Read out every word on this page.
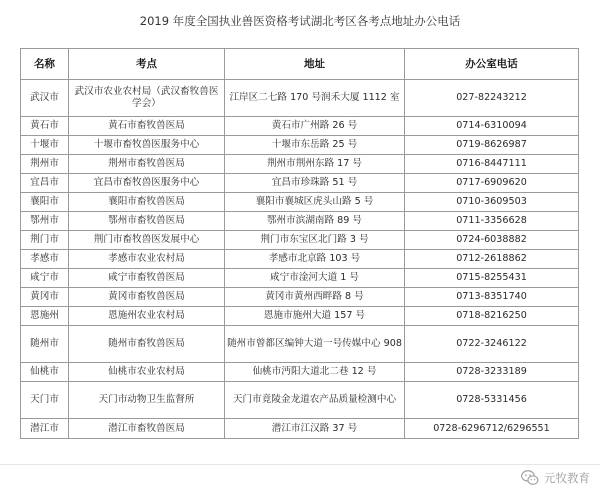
2019 年度全国执业兽医资格考试湖北考区各考点地址办公电话
名称	考点	地址	办公室电话
武汉市	武汉市农业农村局（武汉畜牧兽医学会）	江岸区二七路 170 号润禾大厦 1112 室	027-82243212
黄石市	黄石市畜牧兽医局	黄石市广州路 26 号	0714-6310094
十堰市	十堰市畜牧兽医服务中心	十堰市东岳路 25 号	0719-8626987
荆州市	荆州市畜牧兽医局	荆州市荆州东路 17 号	0716-8447111
宜昌市	宜昌市畜牧兽医服务中心	宜昌市珍珠路 51 号	0717-6909620
襄阳市	襄阳市畜牧兽医局	襄阳市襄城区虎头山路 5 号	0710-3609503
鄂州市	鄂州市畜牧兽医局	鄂州市滨湖南路 89 号	0711-3356628
荆门市	荆门市畜牧兽医发展中心	荆门市东宝区北门路 3 号	0724-6038882
孝感市	孝感市农业农村局	孝感市北京路 103 号	0712-2618862
咸宁市	咸宁市畜牧兽医局	咸宁市淦河大道 1 号	0715-8255431
黄冈市	黄冈市畜牧兽医局	黄冈市黄州西畔路 8 号	0713-8351740
恩施州	恩施州农业农村局	恩施市施州大道 157 号	0718-8216250
随州市	随州市畜牧兽医局	随州市曾都区编钟大道一号传媒中心 908	0722-3246122
仙桃市	仙桃市农业农村局	仙桃市沔阳大道北二巷 12 号	0728-3233189
天门市	天门市动物卫生监督所	天门市竟陵金龙道农产品质量检测中心	0728-5331456
潜江市	潜江市畜牧兽医局	潜江市江汉路 37 号	0728-6296712/6296551
元牧教育
